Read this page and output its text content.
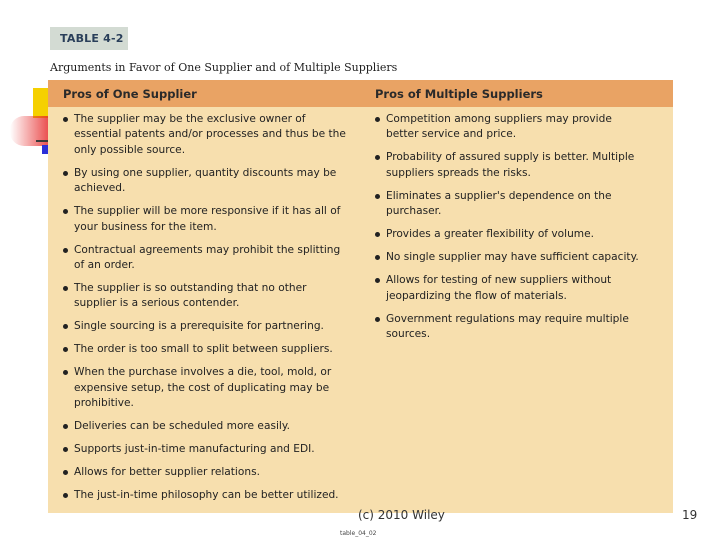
TABLE 4-2
Arguments in Favor of One Supplier and of Multiple Suppliers
Pros of One Supplier	Pros of Multiple Suppliers
The supplier may be the exclusive owner of essential patents and/or processes and thus be the only possible source.
By using one supplier, quantity discounts may be achieved.
The supplier will be more responsive if it has all of your business for the item.
Contractual agreements may prohibit the splitting of an order.
The supplier is so outstanding that no other supplier is a serious contender.
Single sourcing is a prerequisite for partnering.
The order is too small to split between suppliers.
When the purchase involves a die, tool, mold, or expensive setup, the cost of duplicating may be prohibitive.
Deliveries can be scheduled more easily.
Supports just-in-time manufacturing and EDI.
Allows for better supplier relations.
The just-in-time philosophy can be better utilized.
Competition among suppliers may provide better service and price.
Probability of assured supply is better. Multiple suppliers spreads the risks.
Eliminates a supplier's dependence on the purchaser.
Provides a greater flexibility of volume.
No single supplier may have sufficient capacity.
Allows for testing of new suppliers without jeopardizing the flow of materials.
Government regulations may require multiple sources.
(c) 2010 Wiley	19
table_04_02
